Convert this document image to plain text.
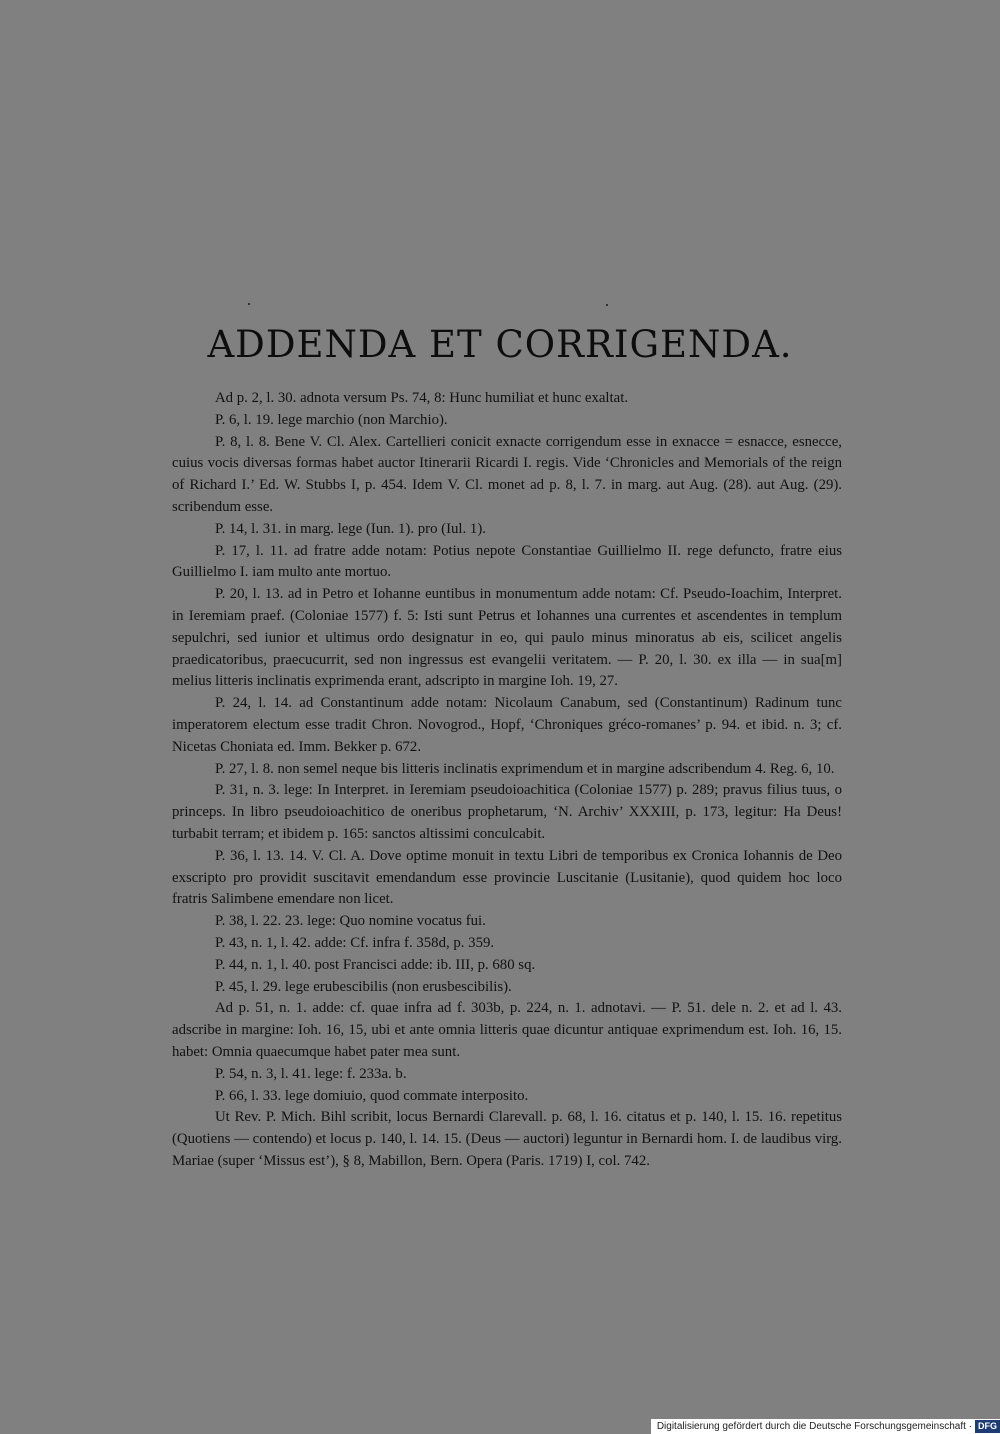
ADDENDA ET CORRIGENDA.

Ad p. 2, l. 30. adnota versum Ps. 74, 8: Hunc humiliat et hunc exaltat.

P. 6, l. 19. lege marchio (non Marchio).

P. 8, l. 8. Bene V. Cl. Alex. Cartellieri conicit exnacte corrigendum esse in exnacce = esnacce, esnecce, cuius vocis diversas formas habet auctor Itinerarii Ricardi I. regis. Vide ‘Chronicles and Memorials of the reign of Richard I.’ Ed. W. Stubbs I, p. 454. Idem V. Cl. monet ad p. 8, l. 7. in marg. aut Aug. (28). aut Aug. (29). scribendum esse.

P. 14, l. 31. in marg. lege (Iun. 1). pro (Iul. 1).

P. 17, l. 11. ad fratre adde notam: Potius nepote Constantiae Guillielmo II. rege defuncto, fratre eius Guillielmo I. iam multo ante mortuo.

P. 20, l. 13. ad in Petro et Iohanne euntibus in monumentum adde notam: Cf. Pseudo-Ioachim, Interpret. in Ieremiam praef. (Coloniae 1577) f. 5: Isti sunt Petrus et Iohannes una currentes et ascendentes in templum sepulchri, sed iunior et ultimus ordo designatur in eo, qui paulo minus minoratus ab eis, scilicet angelis praedicatoribus, praecucurrit, sed non ingressus est evangelii veritatem. — P. 20, l. 30. ex illa — in sua[m] melius litteris inclinatis exprimenda erant, adscripto in margine Ioh. 19, 27.

P. 24, l. 14. ad Constantinum adde notam: Nicolaum Canabum, sed (Constantinum) Radinum tunc imperatorem electum esse tradit Chron. Novogrod., Hopf, ‘Chroniques gréco-romanes’ p. 94. et ibid. n. 3; cf. Nicetas Choniata ed. Imm. Bekker p. 672.

P. 27, l. 8. non semel neque bis litteris inclinatis exprimendum et in margine adscribendum 4. Reg. 6, 10.

P. 31, n. 3. lege: In Interpret. in Ieremiam pseudoioachitica (Coloniae 1577) p. 289; pravus filius tuus, o princeps. In libro pseudoioachitico de oneribus prophetarum, ‘N. Archiv’ XXXIII, p. 173, legitur: Ha Deus! turbabit terram; et ibidem p. 165: sanctos altissimi conculcabit.

P. 36, l. 13. 14. V. Cl. A. Dove optime monuit in textu Libri de temporibus ex Cronica Iohannis de Deo exscripto pro providit suscitavit emendandum esse provincie Luscitanie (Lusitanie), quod quidem hoc loco fratris Salimbene emendare non licet.

P. 38, l. 22. 23. lege: Quo nomine vocatus fui.

P. 43, n. 1, l. 42. adde: Cf. infra f. 358d, p. 359.

P. 44, n. 1, l. 40. post Francisci adde: ib. III, p. 680 sq.

P. 45, l. 29. lege erubescibilis (non erusbescibilis).

Ad p. 51, n. 1. adde: cf. quae infra ad f. 303b, p. 224, n. 1. adnotavi. — P. 51. dele n. 2. et ad l. 43. adscribe in margine: Ioh. 16, 15, ubi et ante omnia litteris quae dicuntur antiquae exprimendum est. Ioh. 16, 15. habet: Omnia quaecumque habet pater mea sunt.

P. 54, n. 3, l. 41. lege: f. 233a. b.

P. 66, l. 33. lege domiuio, quod commate interposito.

Ut Rev. P. Mich. Bihl scribit, locus Bernardi Clarevall. p. 68, l. 16. citatus et p. 140, l. 15. 16. repetitus (Quotiens — contendo) et locus p. 140, l. 14. 15. (Deus — auctori) leguntur in Bernardi hom. I. de laudibus virg. Mariae (super ‘Missus est’), § 8, Mabillon, Bern. Opera (Paris. 1719) I, col. 742.

Digitalisierung gefördert durch die Deutsche Forschungsgemeinschaft · DFG
